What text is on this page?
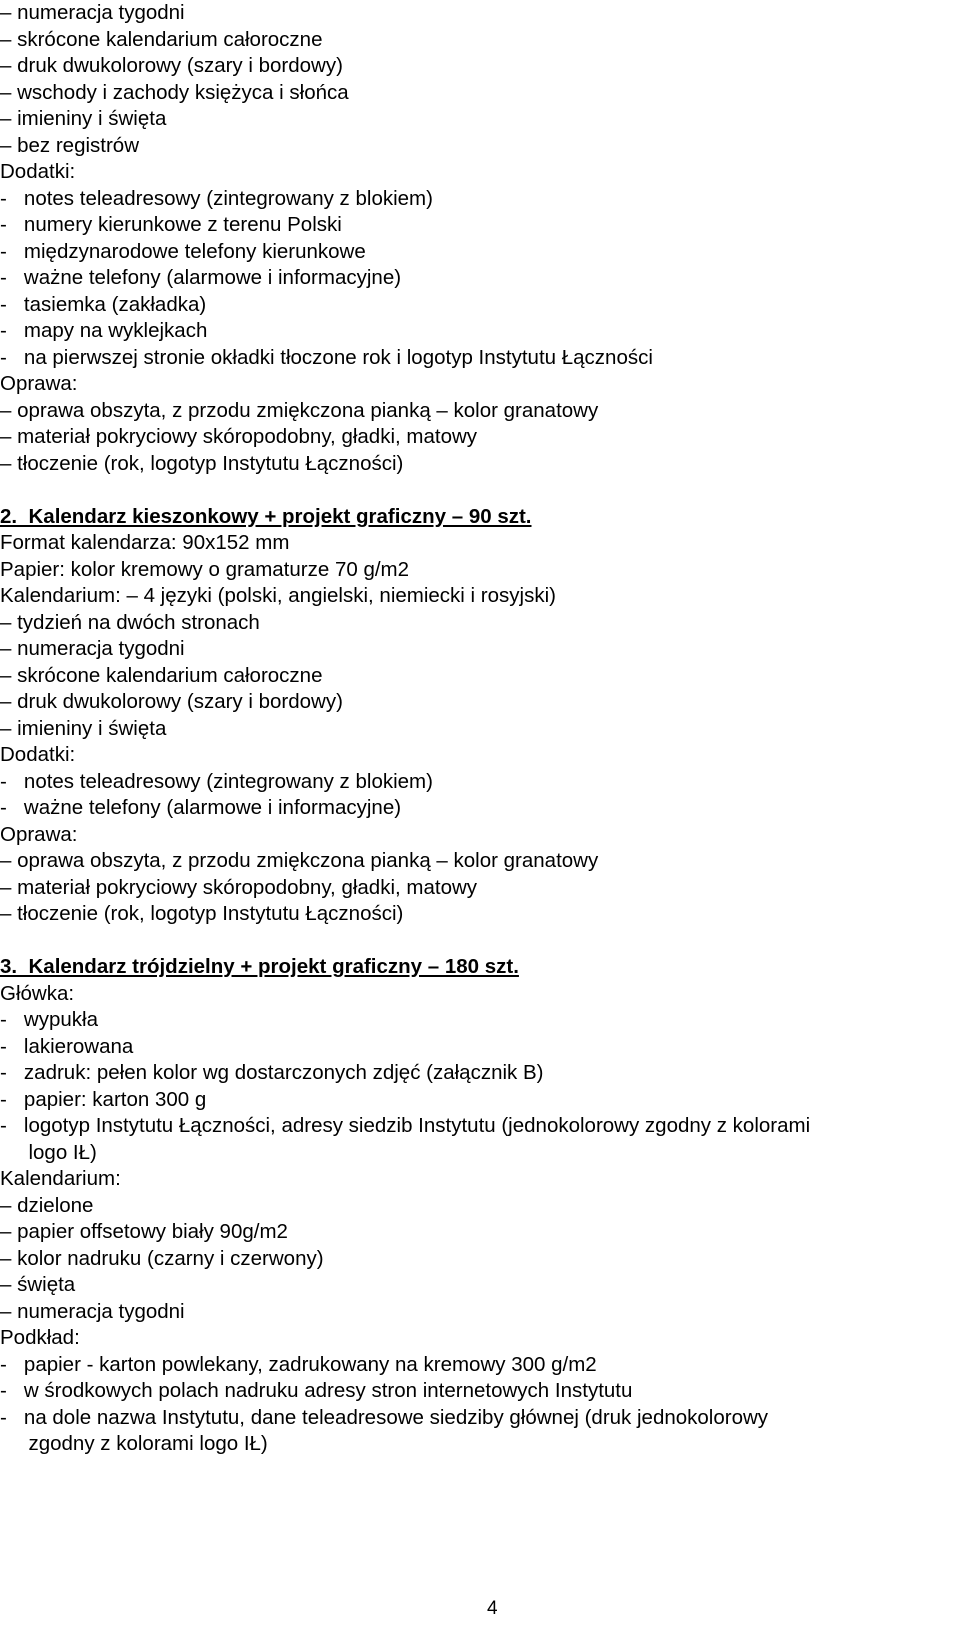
– numeracja tygodni
– skrócone kalendarium całoroczne
– druk dwukolorowy (szary i bordowy)
– wschody i zachody księżyca i słońca
– imieniny i święta
– bez registrów
Dodatki:
-   notes teleadresowy (zintegrowany z blokiem)
-   numery kierunkowe z terenu Polski
-   międzynarodowe telefony kierunkowe
-   ważne telefony (alarmowe i informacyjne)
-   tasiemka (zakładka)
-   mapy na wyklejkach
-   na pierwszej stronie okładki tłoczone rok i logotyp Instytutu Łączności
Oprawa:
– oprawa obszyta, z przodu zmiękczona pianką – kolor granatowy
– materiał pokryciowy skóropodobny, gładki, matowy
– tłoczenie (rok, logotyp Instytutu Łączności)
2.  Kalendarz kieszonkowy + projekt graficzny – 90 szt.
Format kalendarza: 90x152 mm
Papier: kolor kremowy o gramaturze 70 g/m2
Kalendarium: – 4 języki (polski, angielski, niemiecki i rosyjski)
– tydzień na dwóch stronach
– numeracja tygodni
– skrócone kalendarium całoroczne
– druk dwukolorowy (szary i bordowy)
– imieniny i święta
Dodatki:
-   notes teleadresowy (zintegrowany z blokiem)
-   ważne telefony (alarmowe i informacyjne)
Oprawa:
– oprawa obszyta, z przodu zmiękczona pianką – kolor granatowy
– materiał pokryciowy skóropodobny, gładki, matowy
– tłoczenie (rok, logotyp Instytutu Łączności)
3.  Kalendarz trójdzielny + projekt graficzny – 180 szt.
Główka:
-   wypukła
-   lakierowana
-   zadruk: pełen kolor wg dostarczonych zdjęć (załącznik B)
-   papier: karton 300 g
-   logotyp Instytutu Łączności, adresy siedzib Instytutu (jednokolorowy zgodny z kolorami
logo IŁ)
Kalendarium:
– dzielone
– papier offsetowy biały 90g/m2
– kolor nadruku (czarny i czerwony)
– święta
– numeracja tygodni
Podkład:
-   papier - karton powlekany, zadrukowany na kremowy 300 g/m2
-   w środkowych polach nadruku adresy stron internetowych Instytutu
-   na dole nazwa Instytutu, dane teleadresowe siedziby głównej (druk jednokolorowy
zgodny z kolorami logo IŁ)
4
